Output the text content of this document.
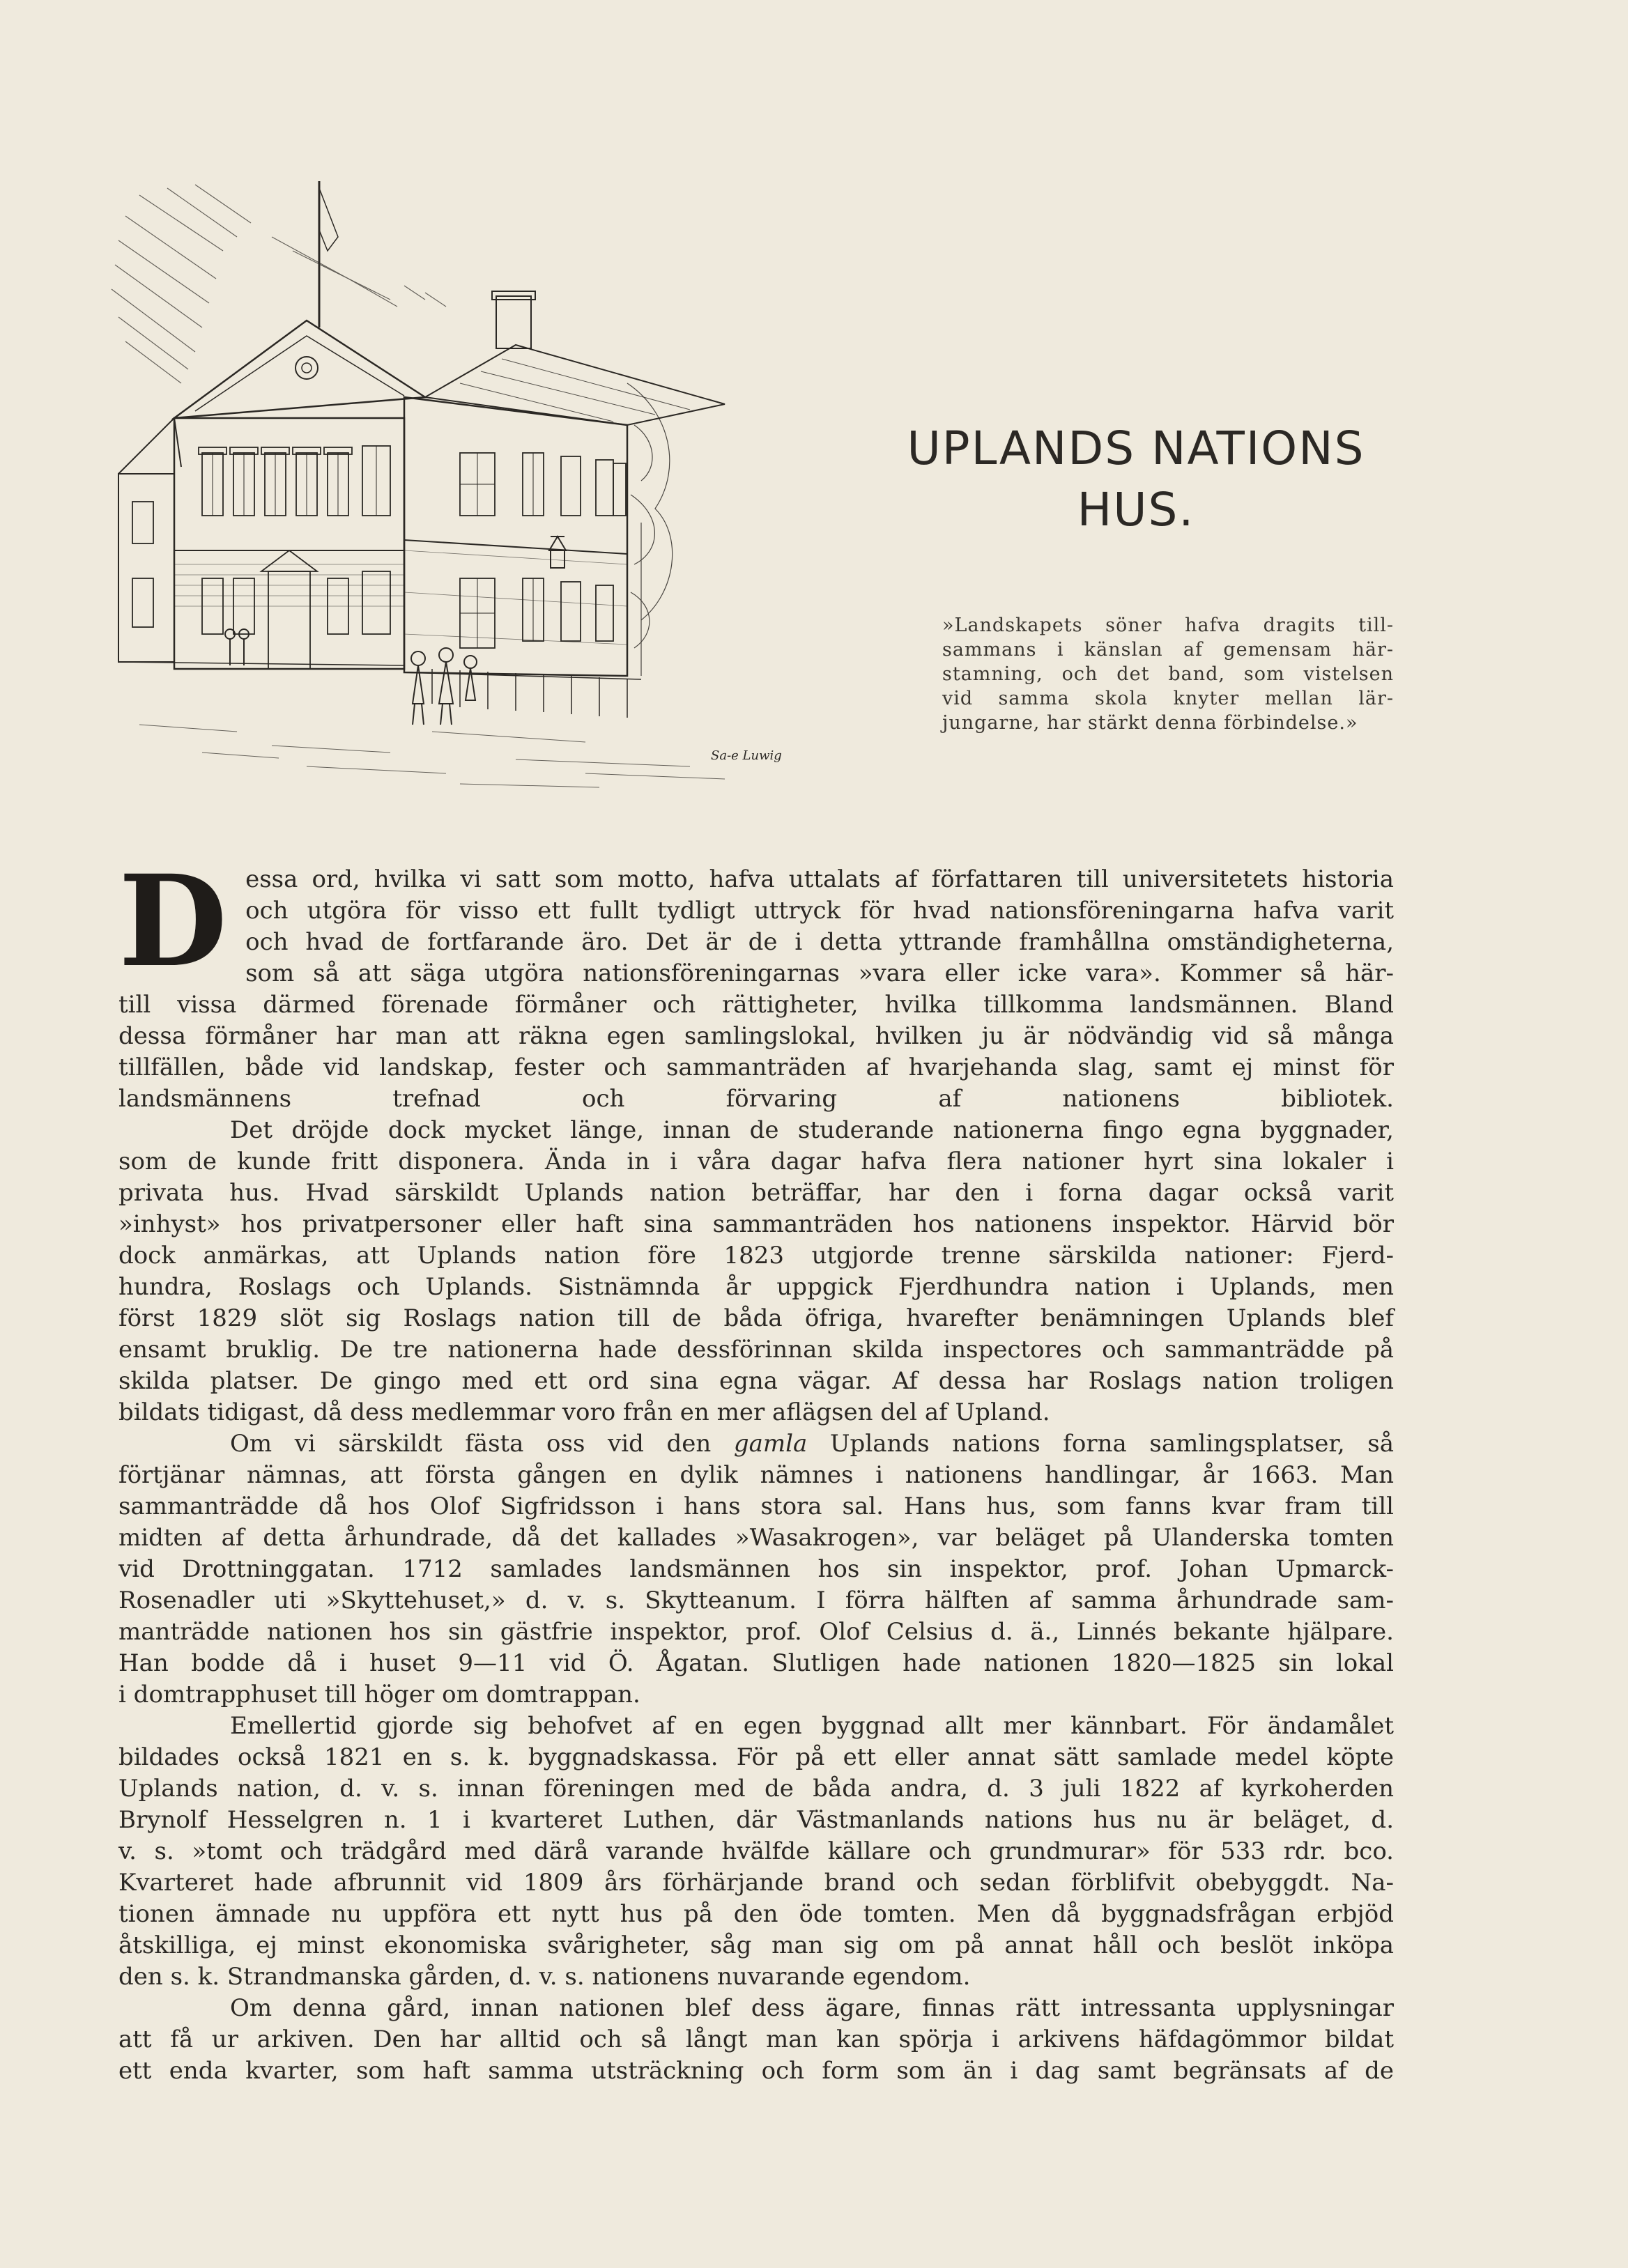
Sa-e Luwig
UPLANDS NATIONS
HUS.
»Landskapets söner hafva dragits till-
sammans i känslan af gemensam här-
stamning, och det band, som vistelsen
vid samma skola knyter mellan lär-
jungarne, har stärkt denna förbindelse.»
D essa ord, hvilka vi satt som motto, hafva uttalats af författaren till universitetets historia
och utgöra för visso ett fullt tydligt uttryck för hvad nationsföreningarna hafva varit
och hvad de fortfarande äro. Det är de i detta yttrande framhållna omständigheterna,
som så att säga utgöra nationsföreningarnas »vara eller icke vara». Kommer så här-
till vissa därmed förenade förmåner och rättigheter, hvilka tillkomma landsmännen. Bland
dessa förmåner har man att räkna egen samlingslokal, hvilken ju är nödvändig vid så många
tillfällen, både vid landskap, fester och sammanträden af hvarjehanda slag, samt ej minst för
landsmännens trefnad och förvaring af nationens bibliotek.
Det dröjde dock mycket länge, innan de studerande nationerna fingo egna byggnader,
som de kunde fritt disponera. Ända in i våra dagar hafva flera nationer hyrt sina lokaler i
privata hus. Hvad särskildt Uplands nation beträffar, har den i forna dagar också varit
»inhyst» hos privatpersoner eller haft sina sammanträden hos nationens inspektor. Härvid bör
dock anmärkas, att Uplands nation före 1823 utgjorde trenne särskilda nationer: Fjerd-
hundra, Roslags och Uplands. Sistnämnda år uppgick Fjerdhundra nation i Uplands, men
först 1829 slöt sig Roslags nation till de båda öfriga, hvarefter benämningen Uplands blef
ensamt bruklig. De tre nationerna hade dessförinnan skilda inspectores och sammanträdde på
skilda platser. De gingo med ett ord sina egna vägar. Af dessa har Roslags nation troligen
bildats tidigast, då dess medlemmar voro från en mer aflägsen del af Upland.
Om vi särskildt fästa oss vid den gamla Uplands nations forna samlingsplatser, så
förtjänar nämnas, att första gången en dylik nämnes i nationens handlingar, år 1663. Man
sammanträdde då hos Olof Sigfridsson i hans stora sal. Hans hus, som fanns kvar fram till
midten af detta århundrade, då det kallades »Wasakrogen», var beläget på Ulanderska tomten
vid Drottninggatan. 1712 samlades landsmännen hos sin inspektor, prof. Johan Upmarck-
Rosenadler uti »Skyttehuset,» d. v. s. Skytteanum. I förra hälften af samma århundrade sam-
manträdde nationen hos sin gästfrie inspektor, prof. Olof Celsius d. ä., Linnés bekante hjälpare.
Han bodde då i huset 9—11 vid Ö. Ågatan. Slutligen hade nationen 1820—1825 sin lokal
i domtrapphuset till höger om domtrappan.
Emellertid gjorde sig behofvet af en egen byggnad allt mer kännbart. För ändamålet
bildades också 1821 en s. k. byggnadskassa. För på ett eller annat sätt samlade medel köpte
Uplands nation, d. v. s. innan föreningen med de båda andra, d. 3 juli 1822 af kyrkoherden
Brynolf Hesselgren n. 1 i kvarteret Luthen, där Västmanlands nations hus nu är beläget, d.
v. s. »tomt och trädgård med därå varande hvälfde källare och grundmurar» för 533 rdr. bco.
Kvarteret hade afbrunnit vid 1809 års förhärjande brand och sedan förblifvit obebyggdt. Na-
tionen ämnade nu uppföra ett nytt hus på den öde tomten. Men då byggnadsfrågan erbjöd
åtskilliga, ej minst ekonomiska svårigheter, såg man sig om på annat håll och beslöt inköpa
den s. k. Strandmanska gården, d. v. s. nationens nuvarande egendom.
Om denna gård, innan nationen blef dess ägare, finnas rätt intressanta upplysningar
att få ur arkiven. Den har alltid och så långt man kan spörja i arkivens häfdagömmor bildat
ett enda kvarter, som haft samma utsträckning och form som än i dag samt begränsats af de
